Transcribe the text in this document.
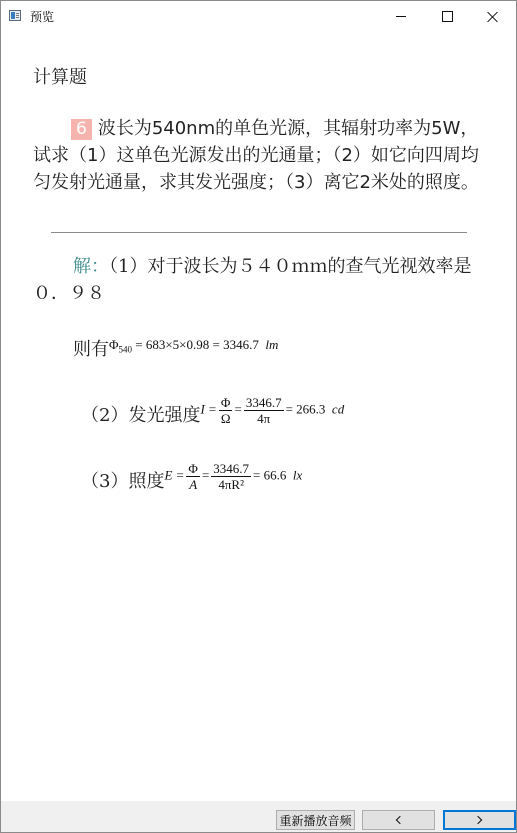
预览
计算题
6 波长为540nm的单色光源，其辐射功率为5W，试求（1）这单色光源发出的光通量；（2）如它向四周均匀发射光通量，求其发光强度；（3）离它2米处的照度。
解：（1）对于波长为５４０ｍｍ的查气光视效率是０．９８
则有$\Phi_{540} = 683\times 5\times 0.98 = 3346.7$ lm
（2）发光强度$I = \frac{\Phi}{\Omega} = \frac{3346.7}{4\pi} = 266.3$ cd
（3）照度$E = \frac{\Phi}{A} = \frac{3346.7}{\text{4πR²}} = 66.6$ lx
重新播放音频
